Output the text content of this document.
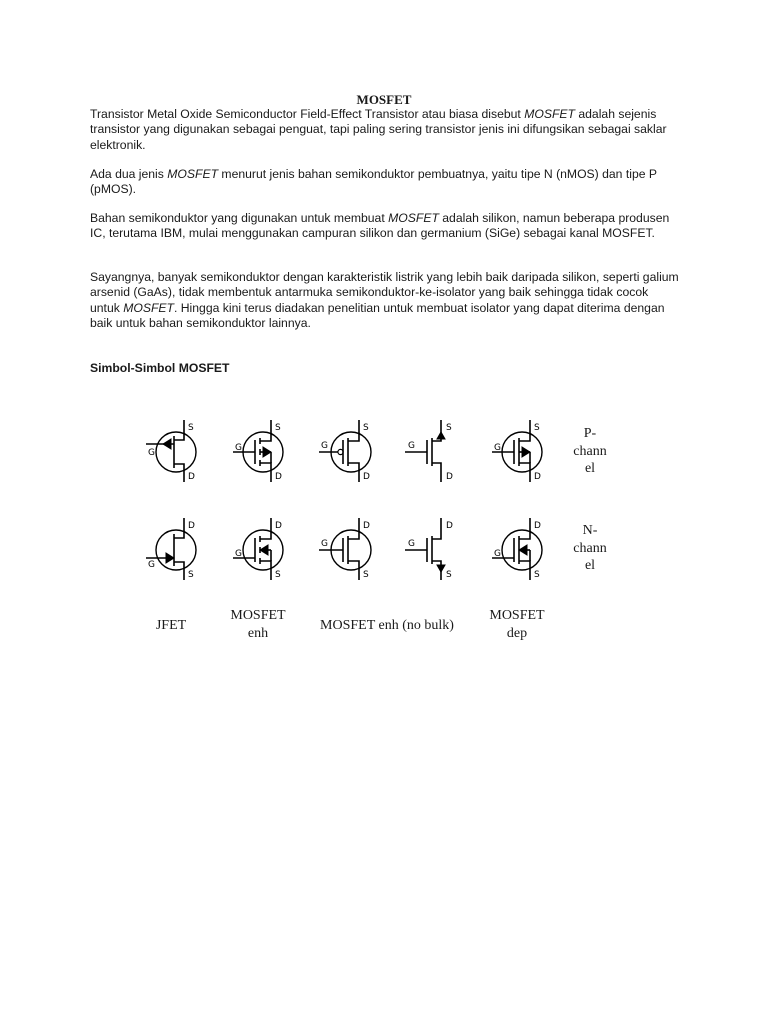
MOSFET

Transistor Metal Oxide Semiconductor Field-Effect Transistor atau biasa disebut MOSFET adalah sejenis transistor yang digunakan sebagai penguat, tapi paling sering transistor jenis ini difungsikan sebagai saklar elektronik.

Ada dua jenis MOSFET menurut jenis bahan semikonduktor pembuatnya, yaitu tipe N (nMOS) dan tipe P (pMOS).

Bahan semikonduktor yang digunakan untuk membuat MOSFET adalah silikon, namun beberapa produsen IC, terutama IBM, mulai menggunakan campuran silikon dan germanium (SiGe) sebagai kanal MOSFET.

Sayangnya, banyak semikonduktor dengan karakteristik listrik yang lebih baik daripada silikon, seperti galium arsenid (GaAs), tidak membentuk antarmuka semikonduktor-ke-isolator yang baik sehingga tidak cocok untuk MOSFET. Hingga kini terus diadakan penelitian untuk membuat isolator yang dapat diterima dengan baik untuk bahan semikonduktor lainnya.

Simbol-Simbol MOSFET
S
G
D
S
G
D
S
G
D
S
G
D
S
G
D
P-
chann
el
D
G
S
D
G
S
D
G
S
D
G
S
D
G
S
N-
chann
el
JFET
MOSFET
enh
MOSFET enh (no bulk)
MOSFET
dep
